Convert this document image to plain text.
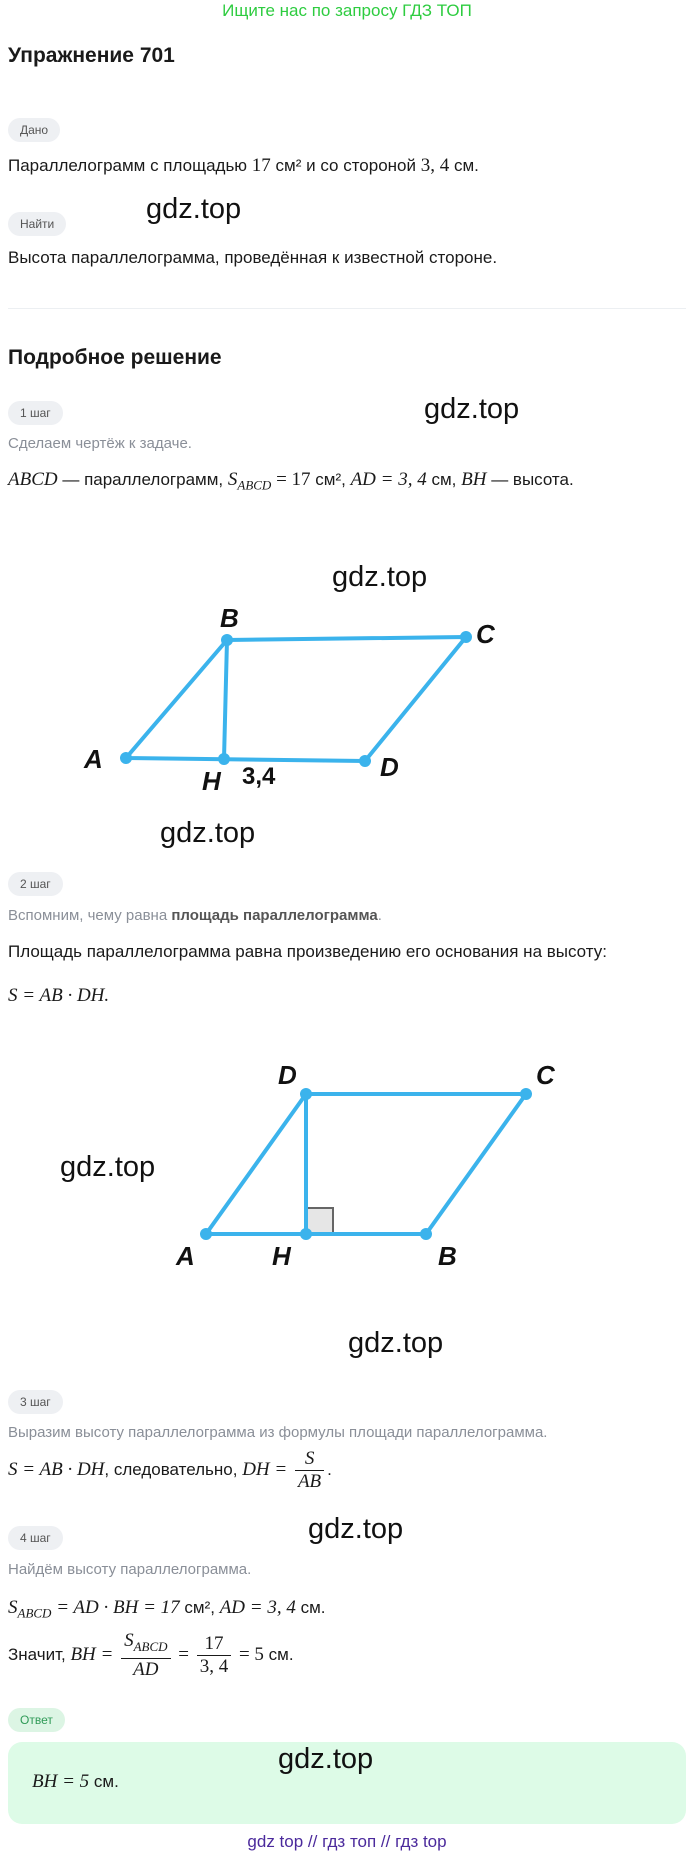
Ищите нас по запросу ГДЗ ТОП
Упражнение 701
Дано
Параллелограмм с площадью 17 см² и со стороной 3, 4 см.
Найти	gdz.top
Высота параллелограмма, проведённая к известной стороне.
Подробное решение
1 шаг	gdz.top
Сделаем чертёж к задаче.
ABCD — параллелограмм, $S_{ABCD} = 17$ см², AD = 3, 4 см, BH — высота.
gdz.top
A
B
C
D
H 3,4
gdz.top
2 шаг
Вспомним, чему равна площадь параллелограмма.
Площадь параллелограмма равна произведению его основания на высоту:
S = AB · DH.
A
D	C
B
H
gdz.top
gdz.top
3 шаг
Выразим высоту параллелограмма из формулы площади параллелограмма.
S = AB · DH, следовательно, DH = $\frac{S}{AB}$ .
gdz.top
4 шаг
Найдём высоту параллелограмма.
$S_{ABCD}$ = AD · BH = 17 см², AD = 3, 4 см.
Значит, BH = $\frac{S_{ABCD}}{AD} = \frac{17}{3, 4} = 5$ см.
Ответ
BH = 5 см.
gdz.top
gdz top // гдз топ // гдз top
